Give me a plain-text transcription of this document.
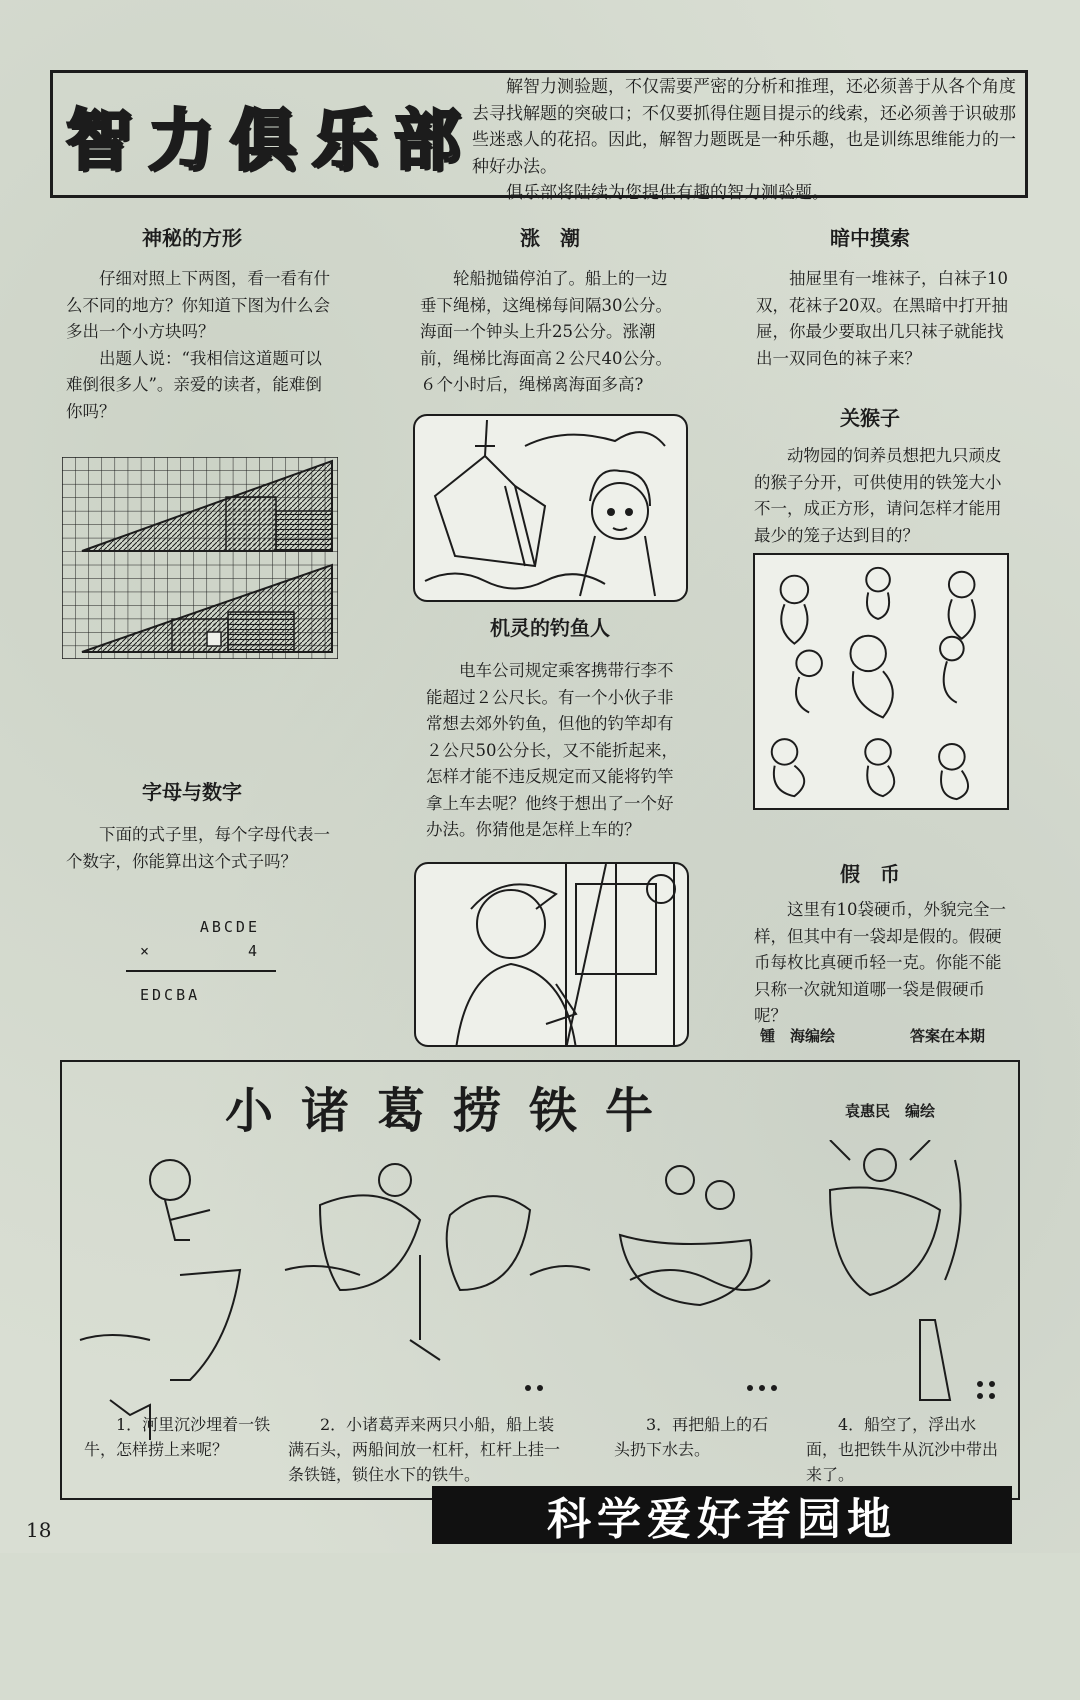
智 力 俱 乐 部

解智力测验题，不仅需要严密的分析和推理，还必须善于从各个角度去寻找解题的突破口；不仅要抓得住题目提示的线索，还必须善于识破那些迷惑人的花招。因此，解智力题既是一种乐趣，也是训练思维能力的一种好办法。

俱乐部将陆续为您提供有趣的智力测验题。

神秘的方形

仔细对照上下两图，看一看有什么不同的地方？你知道下图为什么会多出一个小方块吗？

出题人说：“我相信这道题可以难倒很多人”。亲爱的读者，能难倒你吗？

字母与数字
下面的式子里，每个字母代表一个数字，你能算出这个式子吗？
ABCDE
×	4
EDCBA
涨　潮
轮船抛锚停泊了。船上的一边垂下绳梯，这绳梯每间隔30公分。海面一个钟头上升25公分。涨潮前，绳梯比海面高２公尺40公分。６个小时后，绳梯离海面多高?
机灵的钓鱼人
电车公司规定乘客携带行李不能超过２公尺长。有一个小伙子非常想去郊外钓鱼，但他的钓竿却有２公尺50公分长，又不能折起来，怎样才能不违反规定而又能将钓竿拿上车去呢？他终于想出了一个好办法。你猜他是怎样上车的？
暗中摸索
抽屉里有一堆袜子，白袜子10双，花袜子20双。在黑暗中打开抽屉，你最少要取出几只袜子就能找出一双同色的袜子来？
关猴子
动物园的饲养员想把九只顽皮的猴子分开，可供使用的铁笼大小不一，成正方形，请问怎样才能用最少的笼子达到目的？
假　币
这里有10袋硬币，外貌完全一样，但其中有一袋却是假的。假硬币每枚比真硬币轻一克。你能不能只称一次就知道哪一袋是假硬币呢？
锺　海编绘	答案在本期
小诸葛捞铁牛	袁惠民　编绘
1．河里沉沙埋着一铁牛，怎样捞上来呢？
2．小诸葛弄来两只小船，船上装满石头，两船间放一杠杆，杠杆上挂一条铁链，锁住水下的铁牛。
3．再把船上的石头扔下水去。
4．船空了，浮出水面，也把铁牛从沉沙中带出来了。
科学爱好者园地
18
